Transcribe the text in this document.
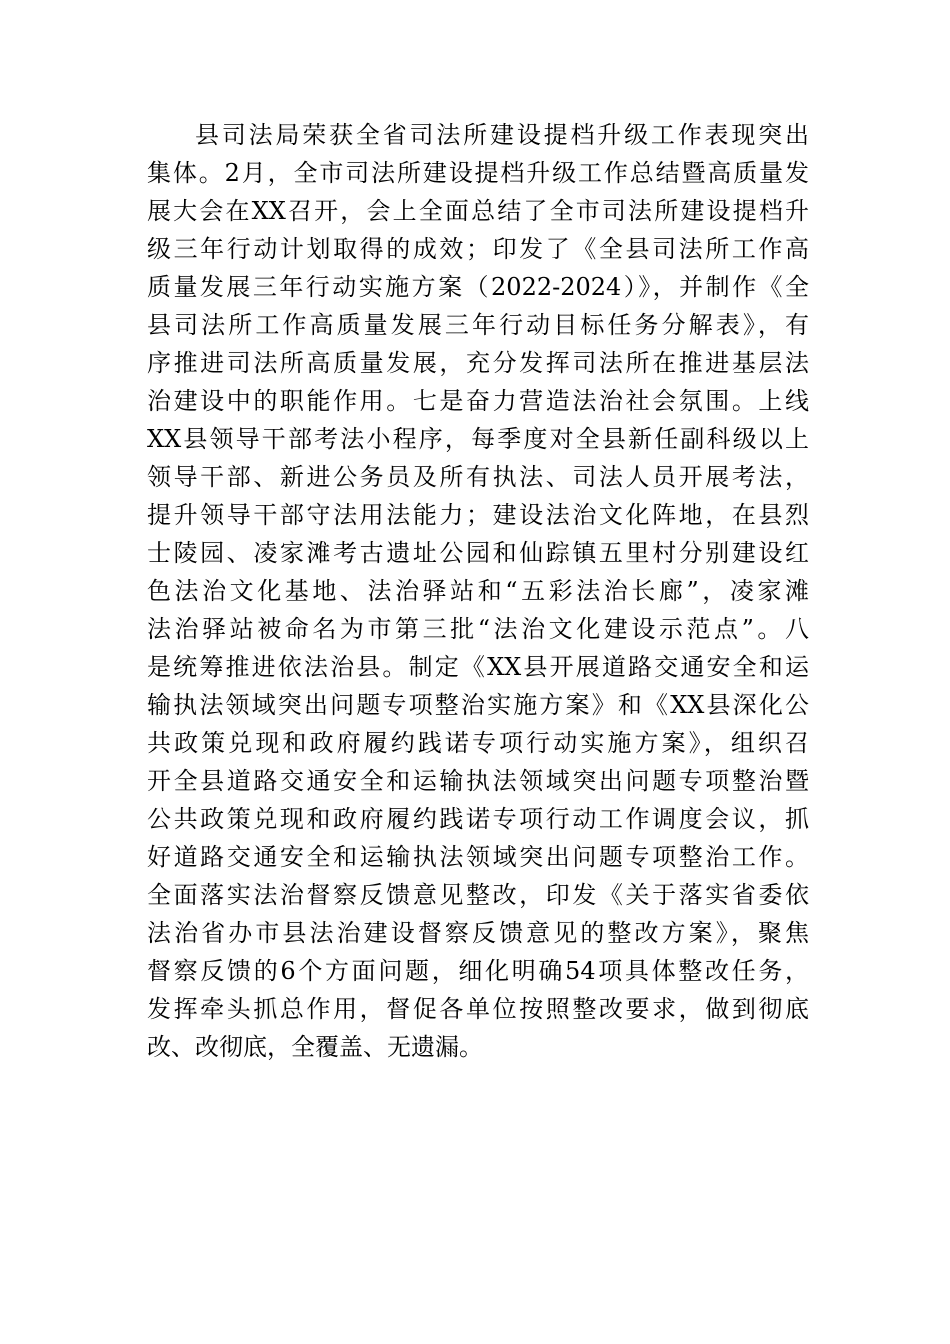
县司法局荣获全省司法所建设提档升级工作表现突出
集体。2月，全市司法所建设提档升级工作总结暨高质量发
展大会在XX召开，会上全面总结了全市司法所建设提档升
级三年行动计划取得的成效；印发了《全县司法所工作高
质量发展三年行动实施方案（2022-2024）》，并制作《全
县司法所工作高质量发展三年行动目标任务分解表》，有
序推进司法所高质量发展，充分发挥司法所在推进基层法
治建设中的职能作用。七是奋力营造法治社会氛围。上线
XX县领导干部考法小程序，每季度对全县新任副科级以上
领导干部、新进公务员及所有执法、司法人员开展考法，
提升领导干部守法用法能力；建设法治文化阵地，在县烈
士陵园、凌家滩考古遗址公园和仙踪镇五里村分别建设红
色法治文化基地、法治驿站和“五彩法治长廊”，凌家滩
法治驿站被命名为市第三批“法治文化建设示范点”。八
是统筹推进依法治县。制定《XX县开展道路交通安全和运
输执法领域突出问题专项整治实施方案》和《XX县深化公
共政策兑现和政府履约践诺专项行动实施方案》，组织召
开全县道路交通安全和运输执法领域突出问题专项整治暨
公共政策兑现和政府履约践诺专项行动工作调度会议，抓
好道路交通安全和运输执法领域突出问题专项整治工作。
全面落实法治督察反馈意见整改，印发《关于落实省委依
法治省办市县法治建设督察反馈意见的整改方案》，聚焦
督察反馈的6个方面问题，细化明确54项具体整改任务，
发挥牵头抓总作用，督促各单位按照整改要求，做到彻底
改、改彻底，全覆盖、无遗漏。
